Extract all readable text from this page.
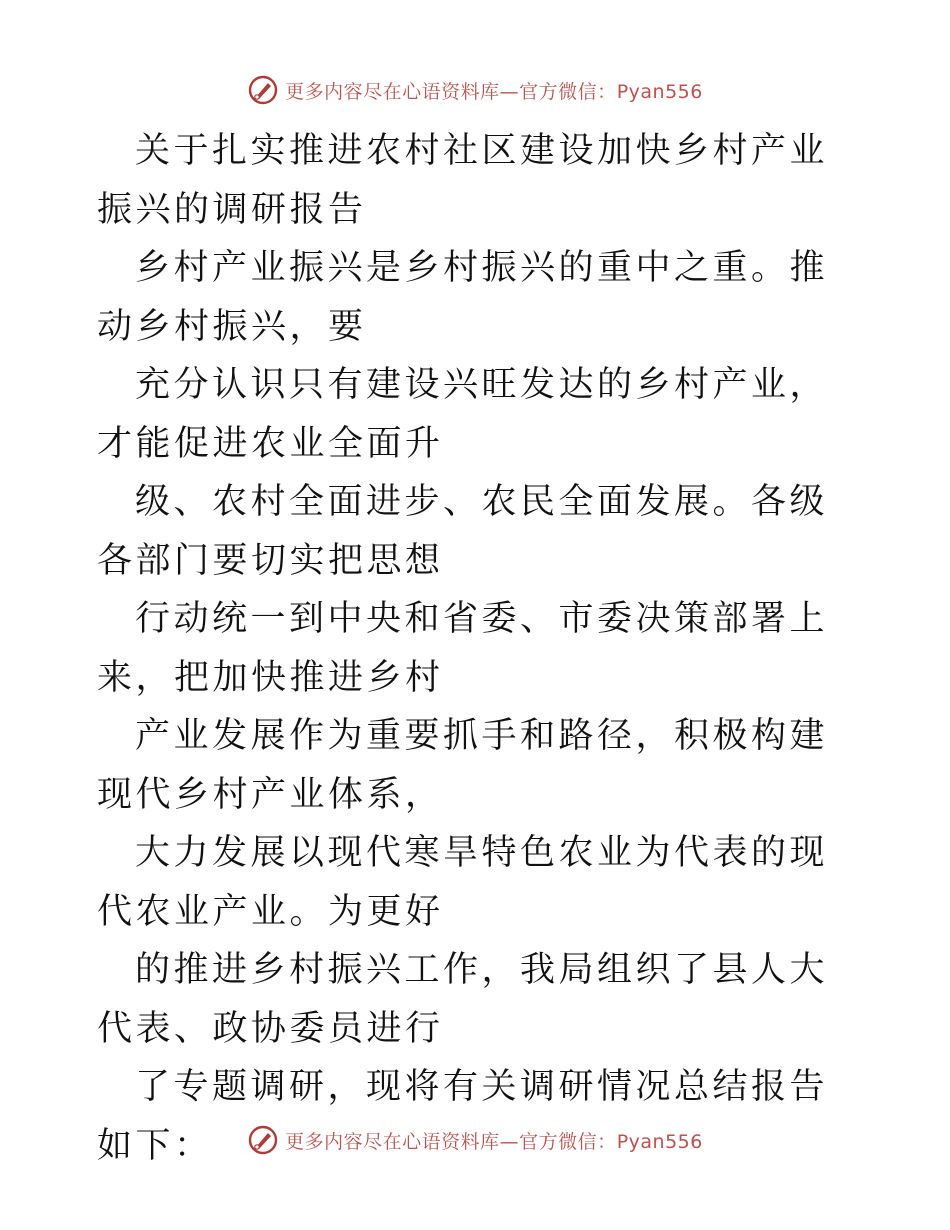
更多内容尽在心语资料库—官方微信：Pyan556

关于扎实推进农村社区建设加快乡村产业振兴的调研报告

乡村产业振兴是乡村振兴的重中之重。推动乡村振兴，要

充分认识只有建设兴旺发达的乡村产业，才能促进农业全面升

级、农村全面进步、农民全面发展。各级各部门要切实把思想

行动统一到中央和省委、市委决策部署上来，把加快推进乡村

产业发展作为重要抓手和路径，积极构建现代乡村产业体系，

大力发展以现代寒旱特色农业为代表的现代农业产业。为更好

的推进乡村振兴工作，我局组织了县人大代表、政协委员进行

了专题调研，现将有关调研情况总结报告如下：	更多内容尽在心语资料库—官方微信：Pyan556
